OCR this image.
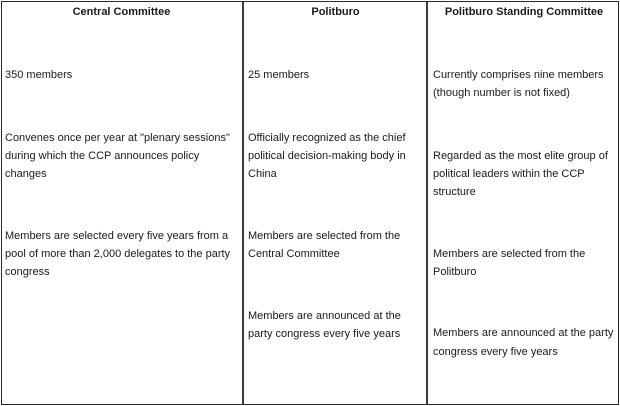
Central Committee
350 members
Convenes once per year at "plenary sessions"
during which the CCP announces policy
changes
Members are selected every five years from a
pool of more than 2,000 delegates to the party
congress
Politburo
25 members
Officially recognized as the chief
political decision-making body in
China
Members are selected from the
Central Committee
Members are announced at the
party congress every five years
Politburo Standing Committee
Currently comprises nine members
(though number is not fixed)
Regarded as the most elite group of
political leaders within the CCP
structure
Members are selected from the
Politburo
Members are announced at the party
congress every five years
